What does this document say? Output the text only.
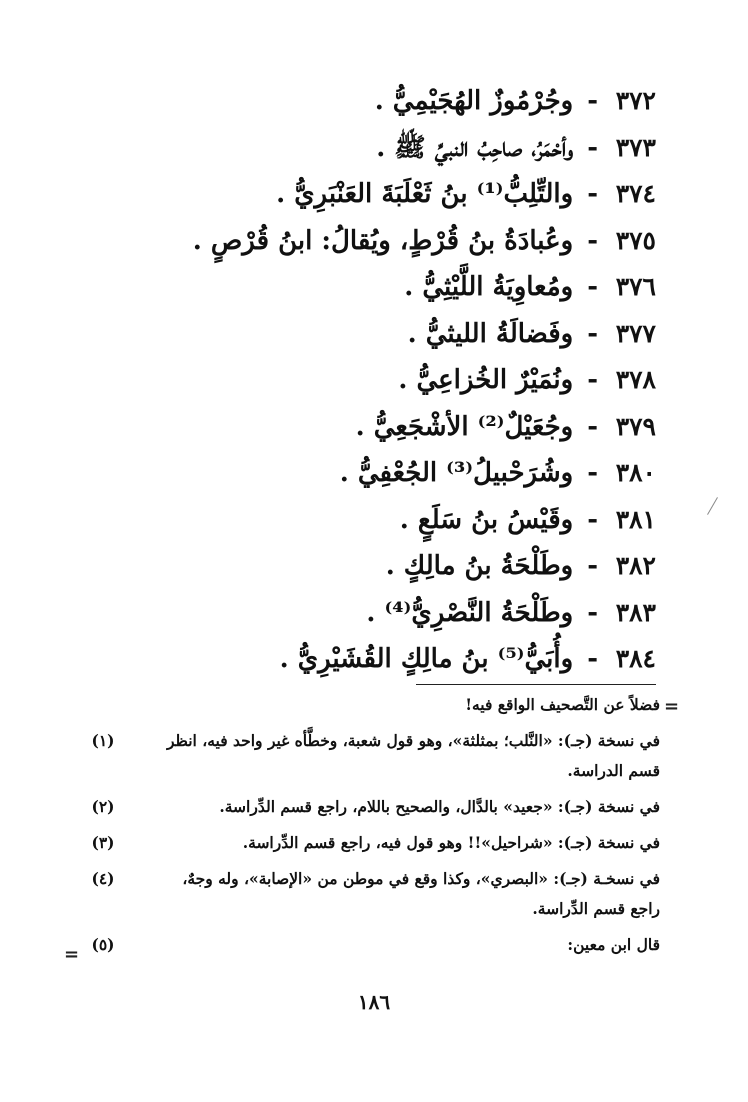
٣٧٢-وجُرْمُوزٌ الهُجَيْمِيُّ .
٣٧٣-وأحْمَرُ، صاحِبُ النبيِّ ﷺ .
٣٧٤-والتِّلِبُّ⁽¹⁾ بنُ ثَعْلَبَةَ العَنْبَرِيُّ .
٣٧٥-وعُبادَةُ بنُ قُرْطٍ، ويُقالُ: ابنُ قُرْصٍ .
٣٧٦-ومُعاوِيَةُ اللَّيْثِيُّ .
٣٧٧-وفَضالَةُ الليثيُّ .
٣٧٨-ونُمَيْرٌ الخُزاعِيُّ .
٣٧٩-وجُعَيْلٌ⁽²⁾ الأشْجَعِيُّ .
٣٨٠-وشُرَحْبيلُ⁽³⁾ الجُعْفِيُّ .
٣٨١-وقَيْسُ بنُ سَلَعٍ .
٣٨٢-وطَلْحَةُ بنُ مالِكٍ .
٣٨٣-وطَلْحَةُ النَّصْرِيُّ⁽⁴⁾ .
٣٨٤-وأُبَيُّ⁽⁵⁾ بنُ مالِكٍ القُشَيْرِيُّ .
=
فضلاً عن التَّصحيف الواقع فيه!
(١)	في نسخة (جـ): «النَّلب؛ بمثلثة»، وهو قول شعبة، وخطَّأه غير واحد فيه، انظر
قسم الدراسة.
(٢)	في نسخة (جـ): «جعيد» بالدَّال، والصحيح باللام، راجع قسم الدِّراسة.
(٣)	في نسخة (جـ): «شراحيل»!! وهو قول فيه، راجع قسم الدِّراسة.
(٤)	في نسخـة (جـ): «البصري»، وكذا وقع في موطن من «الإصابة»، وله وجهٌ،
راجع قسم الدِّراسة.
(٥)	قال ابن معين:
=
١٨٦
